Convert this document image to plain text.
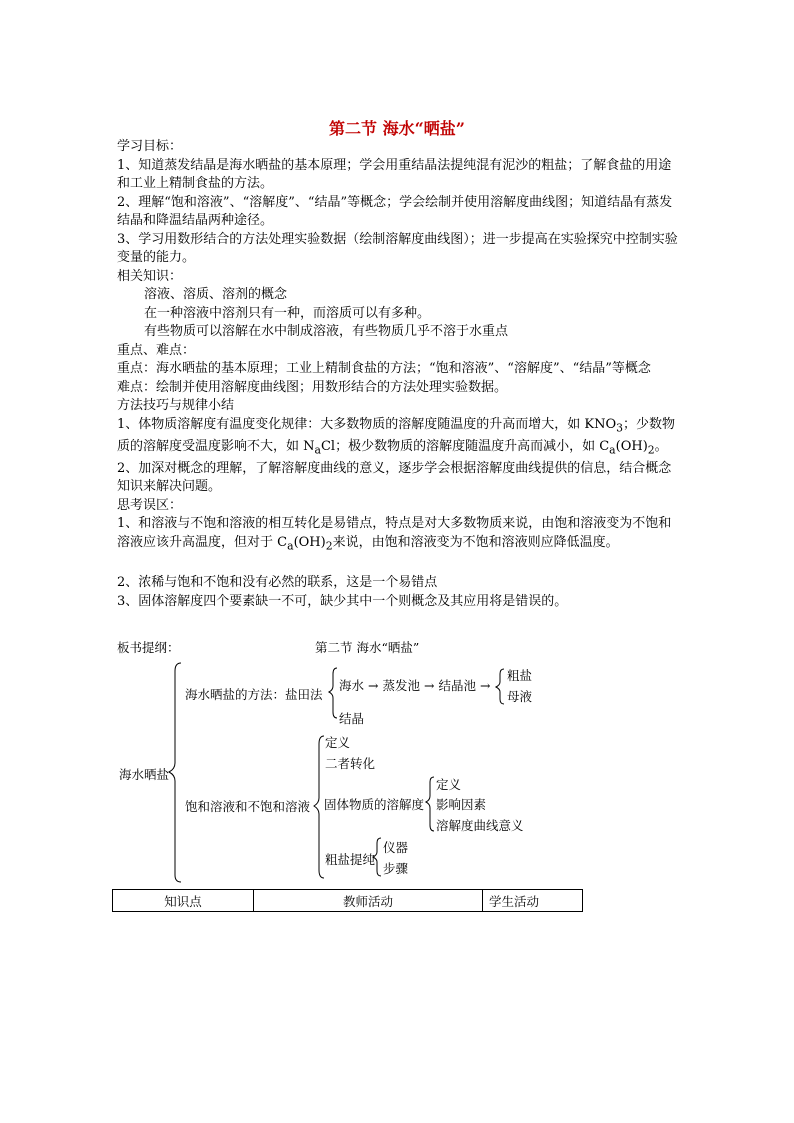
第二节 海水“晒盐”

学习目标：

1、知道蒸发结晶是海水晒盐的基本原理；学会用重结晶法提纯混有泥沙的粗盐；了解食盐的用途和工业上精制食盐的方法。

2、理解“饱和溶液”、“溶解度”、“结晶”等概念；学会绘制并使用溶解度曲线图；知道结晶有蒸发结晶和降温结晶两种途径。

3、学习用数形结合的方法处理实验数据（绘制溶解度曲线图）；进一步提高在实验探究中控制实验变量的能力。

相关知识：

溶液、溶质、溶剂的概念

在一种溶液中溶剂只有一种，而溶质可以有多种。

有些物质可以溶解在水中制成溶液，有些物质几乎不溶于水重点

重点、难点：

重点：海水晒盐的基本原理；工业上精制食盐的方法；“饱和溶液”、“溶解度”、“结晶”等概念

难点：绘制并使用溶解度曲线图；用数形结合的方法处理实验数据。

方法技巧与规律小结

1、体物质溶解度有温度变化规律：大多数物质的溶解度随温度的升高而增大，如 $KNO_3$；少数物质的溶解度受温度影响不大，如 $N_aCl$；极少数物质的溶解度随温度升高而减小，如 $C_a(OH)_2$。

2、加深对概念的理解，了解溶解度曲线的意义，逐步学会根据溶解度曲线提供的信息，结合概念知识来解决问题。

思考误区：

1、和溶液与不饱和溶液的相互转化是易错点，特点是对大多数物质来说，由饱和溶液变为不饱和溶液应该升高温度，但对于 $C_a(OH)_2$来说，由饱和溶液变为不饱和溶液则应降低温度。

2、浓稀与饱和不饱和没有必然的联系，这是一个易错点

3、固体溶解度四个要素缺一不可，缺少其中一个则概念及其应用将是错误的。

板书提纲：	第二节 海水“晒盐”
海水晒盐
海水晒盐的方法：盐田法
海水 → 蒸发池 → 结晶池 →
粗盐
母液
结晶
饱和溶液和不饱和溶液
定义
二者转化
固体物质的溶解度
定义
影响因素
溶解度曲线意义
粗盐提纯
仪器
步骤
知识点	教师活动	学生活动
